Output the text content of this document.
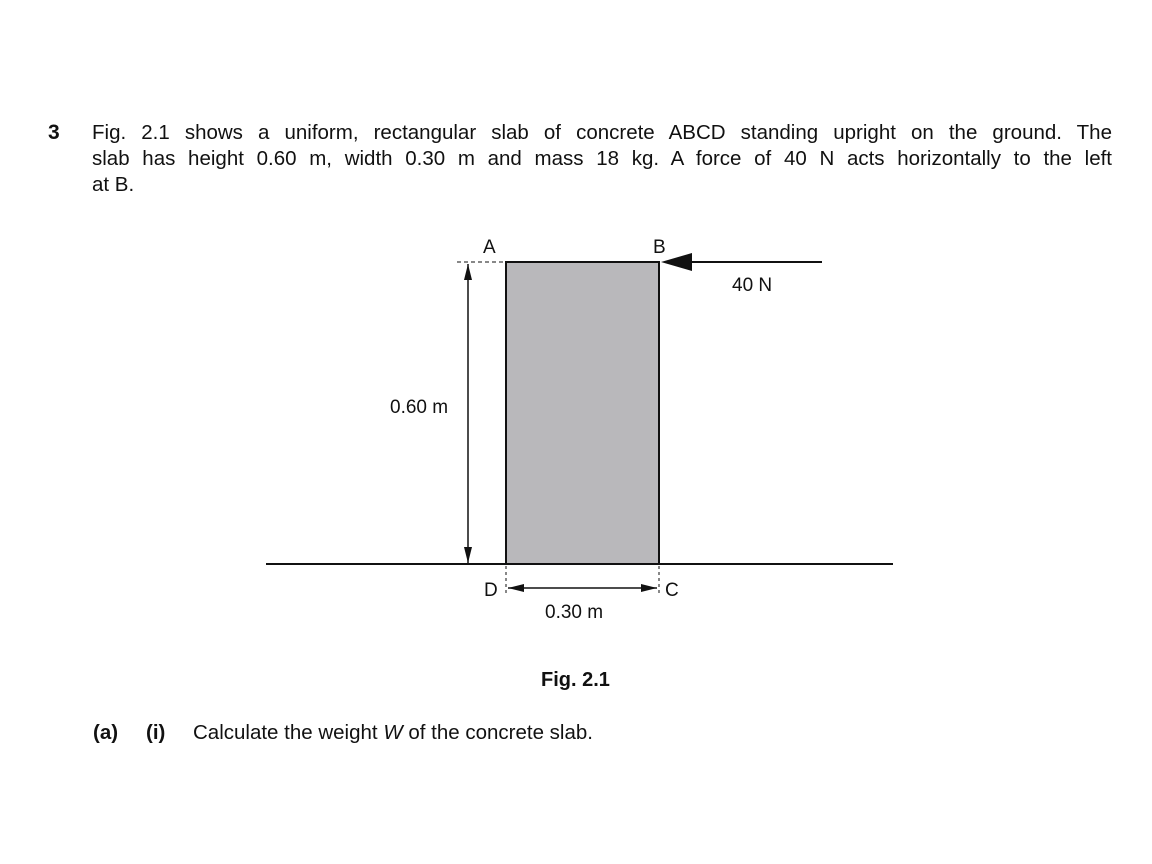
3 Fig. 2.1 shows a uniform, rectangular slab of concrete ABCD standing upright on the ground. The
slab has height 0.60 m, width 0.30 m and mass 18 kg. A force of 40 N acts horizontally to the left
at B.
A	B
D	C
0.60 m
0.30 m
40 N
Fig. 2.1
(a) (i) Calculate the weight W of the concrete slab.
